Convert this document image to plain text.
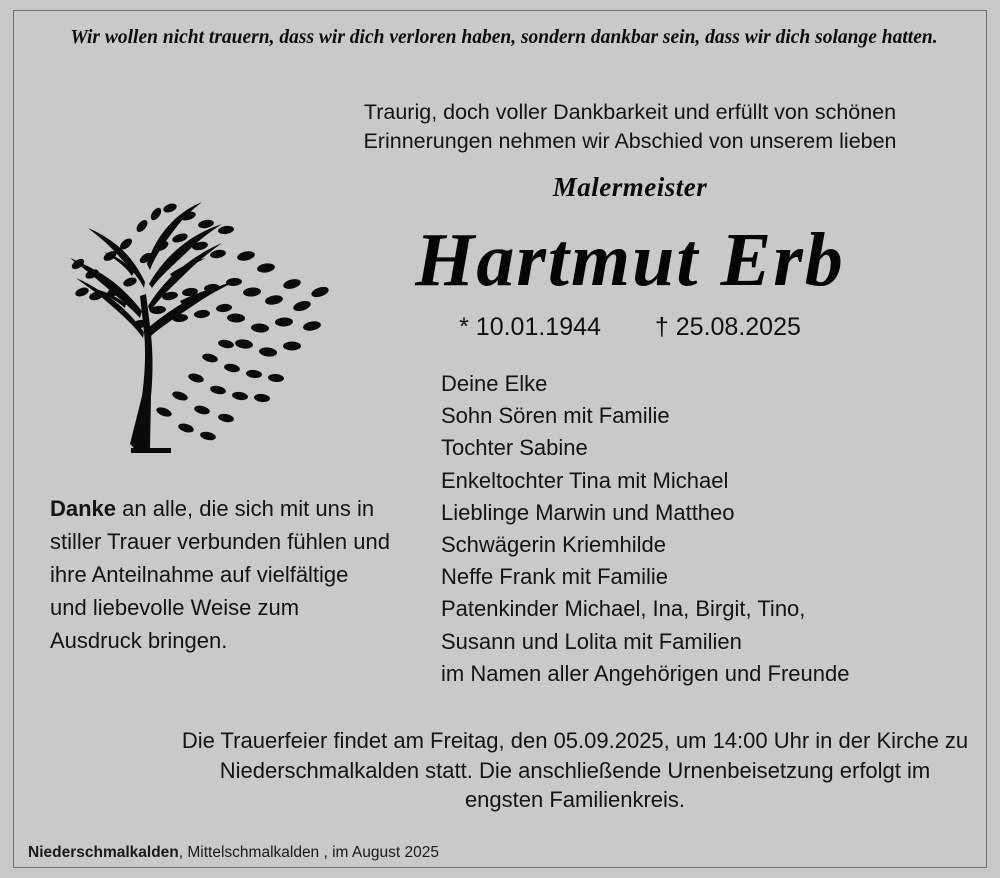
Wir wollen nicht trauern, dass wir dich verloren haben, sondern dankbar sein, dass wir dich solange hatten.
Traurig, doch voller Dankbarkeit und erfüllt von schönen Erinnerungen nehmen wir Abschied von unserem lieben
Malermeister
Hartmut Erb
* 10.01.1944 † 25.08.2025
Deine Elke
Sohn Sören mit Familie
Tochter Sabine
Enkeltochter Tina mit Michael
Lieblinge Marwin und Mattheo
Schwägerin Kriemhilde
Neffe Frank mit Familie
Patenkinder Michael, Ina, Birgit, Tino,
Susann und Lolita mit Familien
im Namen aller Angehörigen und Freunde
Danke an alle, die sich mit uns in stiller Trauer verbunden fühlen und ihre Anteilnahme auf vielfältige und liebevolle Weise zum Ausdruck bringen.
Die Trauerfeier findet am Freitag, den 05.09.2025, um 14:00 Uhr in der Kirche zu Niederschmalkalden statt. Die anschließende Urnenbeisetzung erfolgt im engsten Familienkreis.
Niederschmalkalden, Mittelschmalkalden , im August 2025
